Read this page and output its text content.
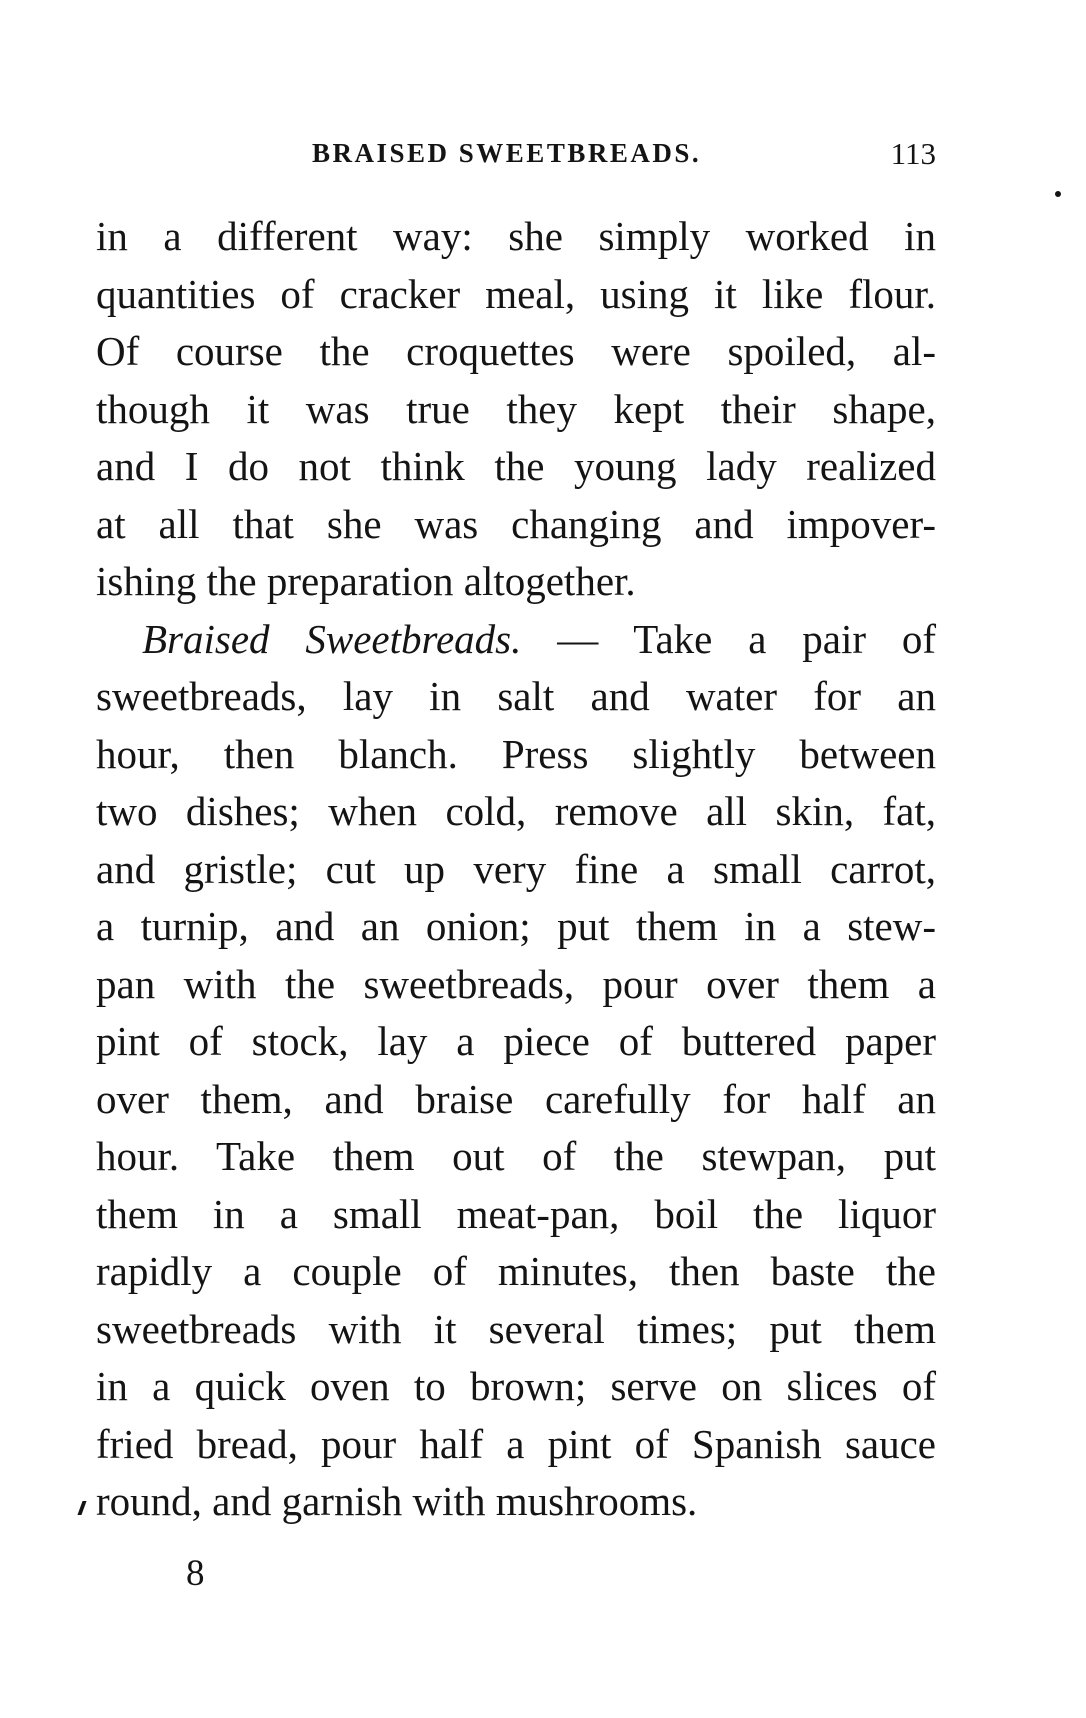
BRAISED SWEETBREADS.	113
in a different way: she simply worked in
quantities of cracker meal, using it like flour.
Of course the croquettes were spoiled, al-
though it was true they kept their shape,
and I do not think the young lady realized
at all that she was changing and impover-
ishing the preparation altogether.
Braised Sweetbreads. — Take a pair of
sweetbreads, lay in salt and water for an
hour, then blanch. Press slightly between
two dishes; when cold, remove all skin, fat,
and gristle; cut up very fine a small carrot,
a turnip, and an onion; put them in a stew-
pan with the sweetbreads, pour over them a
pint of stock, lay a piece of buttered paper
over them, and braise carefully for half an
hour. Take them out of the stewpan, put
them in a small meat-pan, boil the liquor
rapidly a couple of minutes, then baste the
sweetbreads with it several times; put them
in a quick oven to brown; serve on slices of
fried bread, pour half a pint of Spanish sauce
round, and garnish with mushrooms.
8
